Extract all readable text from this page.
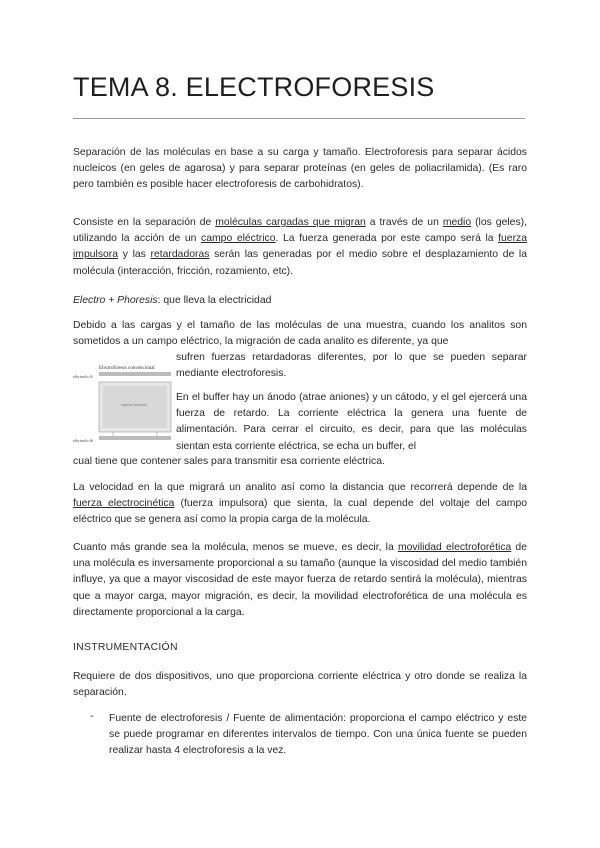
TEMA 8. ELECTROFORESIS

Separación de las moléculas en base a su carga y tamaño. Electroforesis para separar ácidos nucleicos (en geles de agarosa) y para separar proteínas (en geles de poliacrilamida). (Es raro pero también es posible hacer electroforesis de carbohidratos).

Consiste en la separación de moléculas cargadas que migran a través de un medio (los geles), utilizando la acción de un campo eléctrico. La fuerza generada por este campo será la fuerza impulsora y las retardadoras serán las generadas por el medio sobre el desplazamiento de la molécula (interacción, fricción, rozamiento, etc).

Electro + Phoresis: que lleva la electricidad

Debido a las cargas y el tamaño de las moléculas de una muestra, cuando los analitos son sometidos a un campo eléctrico, la migración de cada analito es diferente, ya que

sufren fuerzas retardadoras diferentes, por lo que se pueden separar mediante electroforesis.

Electroforesis convencional
electrodo ⊖
soporte (matriz)
electrodo ⊕

En el buffer hay un ánodo (atrae aniones) y un cátodo, y el gel ejercerá una fuerza de retardo. La corriente eléctrica la genera una fuente de alimentación. Para cerrar el circuito, es decir, para que las moléculas sientan esta corriente eléctrica, se echa un buffer, el

cual tiene que contener sales para transmitir esa corriente eléctrica.

La velocidad en la que migrará un analito así como la distancia que recorrerá depende de la fuerza electrocinética (fuerza impulsora) que sienta, la cual depende del voltaje del campo eléctrico que se genera así como la propia carga de la molécula.

Cuanto más grande sea la molécula, menos se mueve, es decir, la movilidad electroforética de una molécula es inversamente proporcional a su tamaño (aunque la viscosidad del medio también influye, ya que a mayor viscosidad de este mayor fuerza de retardo sentirá la molécula), mientras que a mayor carga, mayor migración, es decir, la movilidad electroforética de una molécula es directamente proporcional a la carga.

INSTRUMENTACIÓN

Requiere de dos dispositivos, uno que proporciona corriente eléctrica y otro donde se realiza la separación.

- Fuente de electroforesis / Fuente de alimentación: proporciona el campo eléctrico y este se puede programar en diferentes intervalos de tiempo. Con una única fuente se pueden realizar hasta 4 electroforesis a la vez.
